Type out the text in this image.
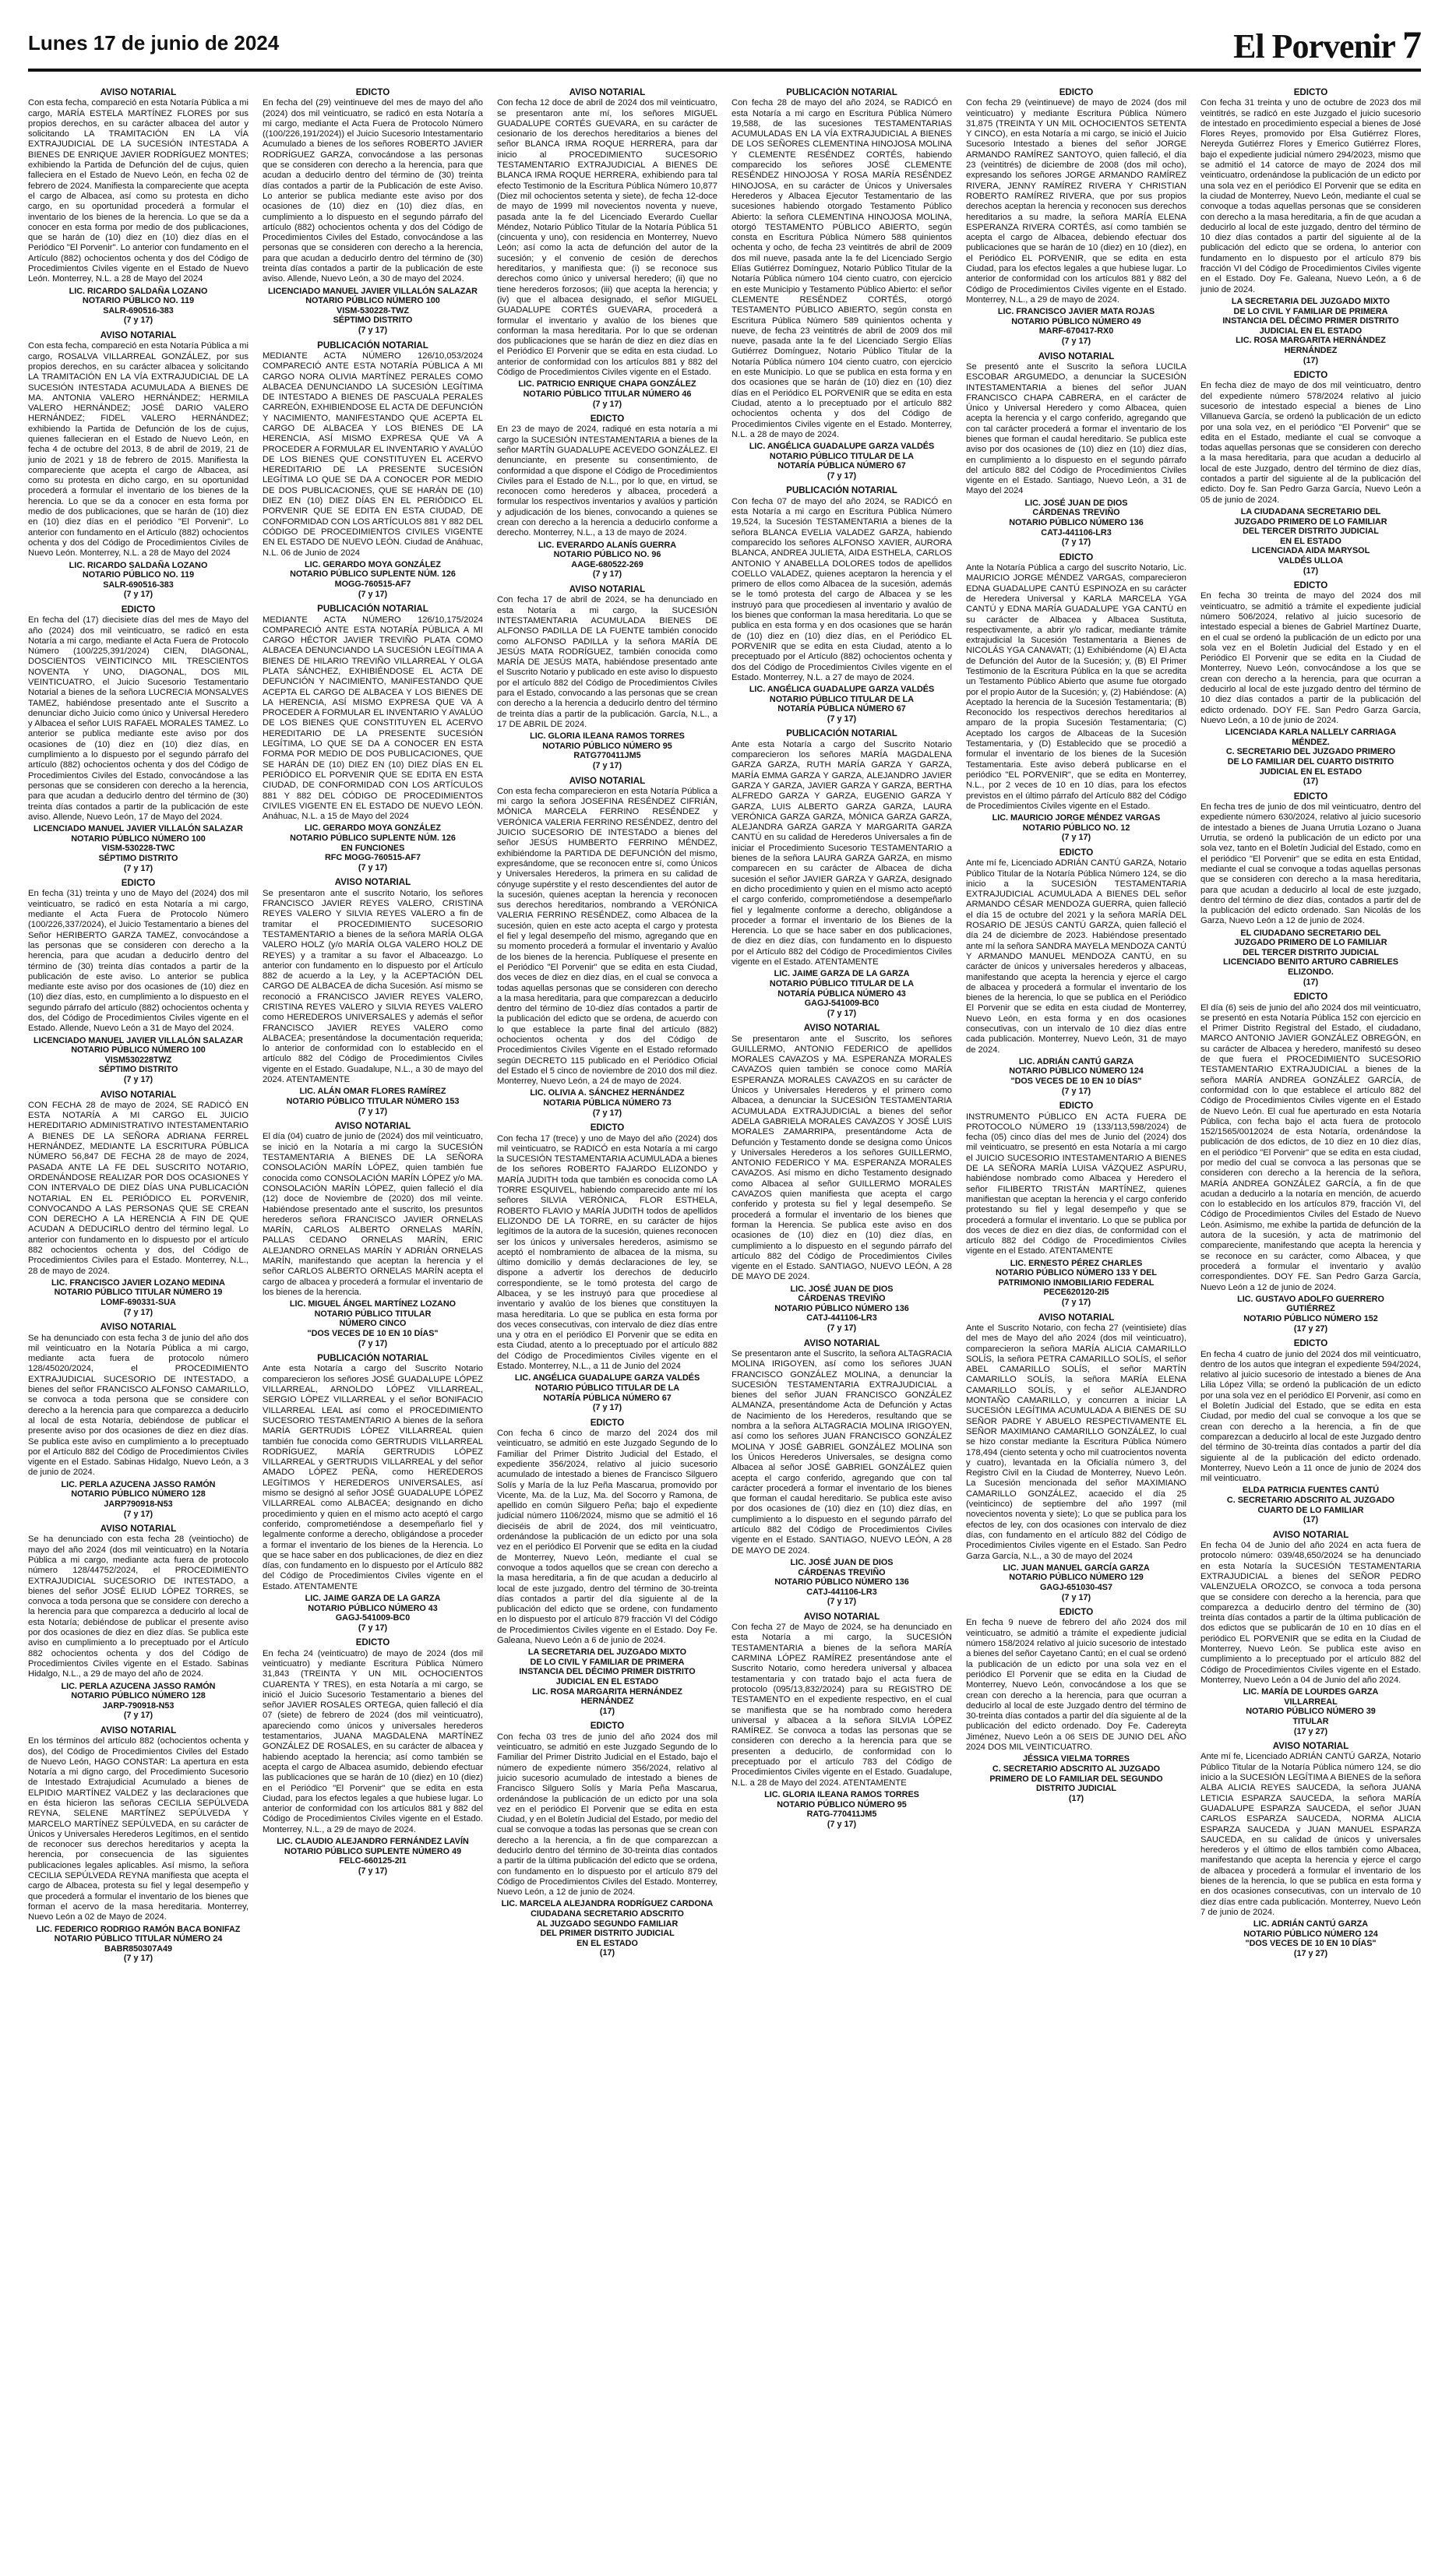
Lunes 17 de junio de 2024	El Porvenir 7
AVISO NOTARIAL

Con esta fecha, compareció en esta Notaría Pública a mi cargo, MARÍA ESTELA MARTÍNEZ FLORES por sus propios derechos, en su carácter albacea del autor y solicitando LA TRAMITACIÓN EN LA VÍA EXTRAJUDICIAL DE LA SUCESIÓN INTESTADA A BIENES DE ENRIQUE JAVIER RODRÍGUEZ MONTES; exhibiendo la Partida de Defunción del de cujus, quien falleciera en el Estado de Nuevo León, en fecha 02 de febrero de 2024. Manifiesta la compareciente que acepta el cargo de Albacea, así como su protesta en dicho cargo, en su oportunidad procederá a formular el inventario de los bienes de la herencia. Lo que se da a conocer en esta forma por medio de dos publicaciones, que se harán de (10) diez en (10) diez días en el Periódico "El Porvenir". Lo anterior con fundamento en el Artículo (882) ochocientos ochenta y dos del Código de Procedimientos Civiles vigente en el Estado de Nuevo León. Monterrey, N.L. a 28 de Mayo del 2024

LIC. RICARDO SALDAÑA LOZANO
NOTARIO PÚBLICO NO. 119
SALR-690516-383
(7 y 17)
AVISO NOTARIAL

Con esta fecha, compareció en esta Notaría Pública a mi cargo, ROSALVA VILLARREAL GONZÁLEZ, por sus propios derechos, en su carácter albacea y solicitando LA TRAMITACIÓN EN LA VÍA EXTRAJUDICIAL DE LA SUCESIÓN INTESTADA ACUMULADA A BIENES DE MA. ANTONIA VALERO HERNÁNDEZ; HERMILA VALERO HERNÁNDEZ; JOSÉ DARIO VALERO HERNÁNDEZ; FIDEL VALERO HERNÁNDEZ; exhibiendo la Partida de Defunción de los de cujus, quienes fallecieran en el Estado de Nuevo León, en fecha 4 de octubre del 2013, 8 de abril de 2019, 21 de junio de 2021 y 18 de febrero de 2015. Manifiesta la compareciente que acepta el cargo de Albacea, así como su protesta en dicho cargo, en su oportunidad procederá a formular el inventario de los bienes de la herencia. Lo que se da a conocer en esta forma por medio de dos publicaciones, que se harán de (10) diez en (10) diez días en el periódico "El Porvenir". Lo anterior con fundamento en el Artículo (882) ochocientos ochenta y dos del Código de Procedimientos Civiles de Nuevo León. Monterrey, N.L. a 28 de Mayo del 2024

LIC. RICARDO SALDAÑA LOZANO
NOTARIO PÚBLICO NO. 119
SALR-690516-383
(7 y 17)
EDICTO

En fecha del (17) diecisiete días del mes de Mayo del año (2024) dos mil veinticuatro, se radicó en esta Notaría a mi cargo, mediante el Acta Fuera de Protocolo Número (100/225,391/2024) CIEN, DIAGONAL, DOSCIENTOS VEINTICINCO MIL TRESCIENTOS NOVENTA Y UNO, DIAGONAL, DOS MIL VEINTICUATRO, el Juicio Sucesorio Testamentario Notarial a bienes de la señora LUCRECIA MONSALVES TAMEZ, habiéndose presentado ante el Suscrito a denunciar dicho Juicio como único y Universal Heredero y Albacea el señor LUIS RAFAEL MORALES TAMEZ. Lo anterior se publica mediante este aviso por dos ocasiones de (10) diez en (10) diez días, en cumplimiento a lo dispuesto por el segundo párrafo del artículo (882) ochocientos ochenta y dos del Código de Procedimientos Civiles del Estado, convocándose a las personas que se consideren con derecho a la herencia, para que acudan a deducirlo dentro del término de (30) treinta días contados a partir de la publicación de este aviso. Allende, Nuevo León, 17 de Mayo del 2024.

LICENCIADO MANUEL JAVIER VILLALÓN SALAZAR
NOTARIO PÚBLICO NÚMERO 100
VISM-530228-TWC
SÉPTIMO DISTRITO
(7 y 17)
EDICTO

En fecha (31) treinta y uno de Mayo del (2024) dos mil veinticuatro, se radicó en esta Notaría a mi cargo, mediante el Acta Fuera de Protocolo Número (100/226,337/2024), el Juicio Testamentario a bienes del Señor HERIBERTO GARZA TAMEZ, convocándose a las personas que se consideren con derecho a la herencia, para que acudan a deducirlo dentro del término de (30) treinta días contados a partir de la publicación de este aviso. Lo anterior se publica mediante este aviso por dos ocasiones de (10) diez en (10) diez días, esto, en cumplimiento a lo dispuesto en el segundo párrafo del artículo (882) ochocientos ochenta y dos, del Código de Procedimientos Civiles vigente en el Estado. Allende, Nuevo León a 31 de Mayo del 2024.

LICENCIADO MANUEL JAVIER VILLALÓN SALAZAR
NOTARIO PÚBLICO NÚMERO 100
VISM530228TWZ
SÉPTIMO DISTRITO
(7 y 17)
AVISO NOTARIAL

CON FECHA 28 de mayo de 2024, SE RADICÓ EN ESTA NOTARÍA A MI CARGO EL JUICIO HEREDITARIO ADMINISTRATIVO INTESTAMENTARIO A BIENES DE LA SEÑORA ADRIANA FERREL HERNÁNDEZ, MEDIANTE LA ESCRITURA PÚBLICA NÚMERO 56,847 DE FECHA 28 de mayo de 2024, PASADA ANTE LA FE DEL SUSCRITO NOTARIO, ORDENÁNDOSE REALIZAR POR DOS OCASIONES Y CON INTERVALO DE DIEZ DÍAS UNA PUBLICACIÓN NOTARIAL EN EL PERIÓDICO EL PORVENIR, CONVOCANDO A LAS PERSONAS QUE SE CREAN CON DERECHO A LA HERENCIA A FIN DE QUE ACUDAN A DEDUCIRLO dentro del término legal. Lo anterior con fundamento en lo dispuesto por el artículo 882 ochocientos ochenta y dos, del Código de Procedimientos Civiles para el Estado. Monterrey, N.L., 28 de mayo de 2024.

LIC. FRANCISCO JAVIER LOZANO MEDINA
NOTARIO PÚBLICO TITULAR NÚMERO 19
LOMF-690331-SUA
(7 y 17)
AVISO NOTARIAL

Se ha denunciado con esta fecha 3 de junio del año dos mil veinticuatro en la Notaría Pública a mi cargo, mediante acta fuera de protocolo número 128/45020/2024, el PROCEDIMIENTO EXTRAJUDICIAL SUCESORIO DE INTESTADO, a bienes del señor FRANCISCO ALFONSO CAMARILLO, se convoca a toda persona que se considere con derecho a la herencia para que comparezca a deducirlo al local de esta Notaría, debiéndose de publicar el presente aviso por dos ocasiones de diez en diez días. Se publica este aviso en cumplimiento a lo preceptuado por el Artículo 882 del Código de Procedimientos Civiles vigente en el Estado. Sabinas Hidalgo, Nuevo León, a 3 de junio de 2024.

LIC. PERLA AZUCENA JASSO RAMÓN
NOTARIO PÚBLICO NÚMERO 128
JARP790918-N53
(7 y 17)
AVISO NOTARIAL

Se ha denunciado con esta fecha 28 (veintiocho) de mayo del año 2024 (dos mil veinticuatro) en la Notaría Pública a mi cargo, mediante acta fuera de protocolo número 128/44752/2024, el PROCEDIMIENTO EXTRAJUDICIAL SUCESORIO DE INTESTADO, a bienes del señor JOSÉ ELIUD LÓPEZ TORRES, se convoca a toda persona que se considere con derecho a la herencia para que comparezca a deducirlo al local de esta Notaría; debiéndose de publicar el presente aviso por dos ocasiones de diez en diez días. Se publica este aviso en cumplimiento a lo preceptuado por el Artículo 882 ochocientos ochenta y dos del Código de Procedimientos Civiles vigente en el Estado. Sabinas Hidalgo, N.L., a 29 de mayo del año de 2024.

LIC. PERLA AZUCENA JASSO RAMÓN
NOTARIO PÚBLICO NÚMERO 128
JARP-790918-N53
(7 y 17)
AVISO NOTARIAL

En los términos del artículo 882 (ochocientos ochenta y dos), del Código de Procedimientos Civiles del Estado de Nuevo León, HAGO CONSTAR: La apertura en esta Notaría a mi digno cargo, del Procedimiento Sucesorio de Intestado Extrajudicial Acumulado a bienes de ELPIDIO MARTÍNEZ VALDEZ y las declaraciones que en ésta hicieron las señoras CECILIA SEPÚLVEDA REYNA, SELENE MARTÍNEZ SEPÚLVEDA Y MARCELO MARTÍNEZ SEPÚLVEDA, en su carácter de Únicos y Universales Herederos Legítimos, en el sentido de reconocer sus derechos hereditarios y acepta la herencia, por consecuencia de las siguientes publicaciones legales aplicables. Así mismo, la señora CECILIA SEPÚLVEDA REYNA manifiesta que acepta el cargo de Albacea, protesta su fiel y legal desempeño y que procederá a formular el inventario de los bienes que forman el acervo de la masa hereditaria. Monterrey, Nuevo León a 02 de Mayo de 2024.

LIC. FEDERICO RODRIGO RAMÓN BACA BONIFAZ
NOTARIO PÚBLICO TITULAR NÚMERO 24
BABR850307A49
(7 y 17)
EDICTO

En fecha del (29) veintinueve del mes de mayo del año (2024) dos mil veinticuatro, se radicó en esta Notaría a mi cargo, mediante el Acta Fuera de Protocolo Número ((100/226,191/2024)) el Juicio Sucesorio Intestamentario Acumulado a bienes de los señores ROBERTO JAVIER RODRÍGUEZ GARZA, convocándose a las personas que se consideren con derecho a la herencia, para que acudan a deducirlo dentro del término de (30) treinta días contados a partir de la Publicación de este Aviso. Lo anterior se publica mediante este aviso por dos ocasiones de (10) diez en (10) diez días, en cumplimiento a lo dispuesto en el segundo párrafo del artículo (882) ochocientos ochenta y dos del Código de Procedimientos Civiles del Estado, convocándose a las personas que se consideren con derecho a la herencia, para que acudan a deducirlo dentro del término de (30) treinta días contados a partir de la publicación de este aviso. Allende, Nuevo León, a 30 de mayo del 2024.

LICENCIADO MANUEL JAVIER VILLALÓN SALAZAR
NOTARIO PÚBLICO NÚMERO 100
VISM-530228-TWZ
SÉPTIMO DISTRITO
(7 y 17)
PUBLICACIÓN NOTARIAL

MEDIANTE ACTA NÚMERO 126/10,053/2024 COMPARECIÓ ANTE ESTA NOTARÍA PÚBLICA A MI CARGO NORA OLIVIA MARTÍNEZ PERALES COMO ALBACEA DENUNCIANDO LA SUCESIÓN LEGÍTIMA DE INTESTADO A BIENES DE PASCUALA PERALES CARREÓN, EXHIBIENDOSE EL ACTA DE DEFUNCIÓN Y NACIMIENTO, MANIFESTANDO QUE ACEPTA EL CARGO DE ALBACEA Y LOS BIENES DE LA HERENCIA, ASÍ MISMO EXPRESA QUE VA A PROCEDER A FORMULAR EL INVENTARIO Y AVALÚO DE LOS BIENES QUE CONSTITUYEN EL ACERVO HEREDITARIO DE LA PRESENTE SUCESIÓN LEGÍTIMA LO QUE SE DA A CONOCER POR MEDIO DE DOS PUBLICACIONES, QUE SE HARÁN DE (10) DIEZ EN (10) DIEZ DÍAS EN EL PERIÓDICO EL PORVENIR QUE SE EDITA EN ESTA CIUDAD, DE CONFORMIDAD CON LOS ARTÍCULOS 881 Y 882 DEL CÓDIGO DE PROCEDIMIENTOS CIVILES VIGENTE EN EL ESTADO DE NUEVO LEÓN. Ciudad de Anáhuac, N.L. 06 de Junio de 2024

LIC. GERARDO MOYA GONZÁLEZ
NOTARIO PÚBLICO SUPLENTE NÚM. 126
MOGG-760515-AF7
(7 y 17)
PUBLICACIÓN NOTARIAL

MEDIANTE ACTA NÚMERO 126/10,175/2024 COMPARECIÓ ANTE ESTA NOTARÍA PÚBLICA A MI CARGO HÉCTOR JAVIER TREVIÑO PLATA COMO ALBACEA DENUNCIANDO LA SUCESIÓN LEGÍTIMA A BIENES DE HILARIO TREVIÑO VILLARREAL Y OLGA PLATA SÁNCHEZ, EXHIBIÉNDOSE EL ACTA DE DEFUNCIÓN Y NACIMIENTO, MANIFESTANDO QUE ACEPTA EL CARGO DE ALBACEA Y LOS BIENES DE LA HERENCIA, ASÍ MISMO EXPRESA QUE VA A PROCEDER A FORMULAR EL INVENTARIO Y AVALÚO DE LOS BIENES QUE CONSTITUYEN EL ACERVO HEREDITARIO DE LA PRESENTE SUCESIÓN LEGÍTIMA, LO QUE SE DA A CONOCER EN ESTA FORMA POR MEDIO DE DOS PUBLICACIONES, QUE SE HARÁN DE (10) DIEZ EN (10) DIEZ DÍAS EN EL PERIÓDICO EL PORVENIR QUE SE EDITA EN ESTA CIUDAD, DE CONFORMIDAD CON LOS ARTÍCULOS 881 Y 882 DEL CÓDIGO DE PROCEDIMIENTOS CIVILES VIGENTE EN EL ESTADO DE NUEVO LEÓN. Anáhuac, N.L. a 15 de Mayo del 2024

LIC. GERARDO MOYA GONZÁLEZ
NOTARIO PÚBLICO SUPLENTE NÚM. 126
EN FUNCIONES
RFC MOGG-760515-AF7
(7 y 17)
AVISO NOTARIAL

Se presentaron ante el suscrito Notario, los señores FRANCISCO JAVIER REYES VALERO, CRISTINA REYES VALERO Y SILVIA REYES VALERO a fin de tramitar el PROCEDIMIENTO SUCESORIO TESTAMENTARIO a bienes de la señora MARÍA OLGA VALERO HOLZ (y/o MARÍA OLGA VALERO HOLZ DE REYES) y a tramitar a su favor el Albaceazgo. Lo anterior con fundamento en lo dispuesto por el Artículo 882 de acuerdo a la Ley, y la ACEPTACIÓN DEL CARGO DE ALBACEA de dicha Sucesión. Así mismo se reconoció a FRANCISCO JAVIER REYES VALERO, CRISTINA REYES VALERO y SILVIA REYES VALERO como HEREDEROS UNIVERSALES y además el señor FRANCISCO JAVIER REYES VALERO como ALBACEA; presentándose la documentación requerida; lo anterior de conformidad con lo establecido en el artículo 882 del Código de Procedimientos Civiles vigente en el Estado. Guadalupe, N.L., a 30 de mayo del 2024. ATENTAMENTE

LIC. ALÁN OMAR FLORES RAMÍREZ
NOTARIO PÚBLICO TITULAR NÚMERO 153
(7 y 17)
AVISO NOTARIAL

El día (04) cuatro de junio de (2024) dos mil veinticuatro, se inició en la Notaría a mi cargo la SUCESIÓN TESTAMENTARIA A BIENES DE LA SEÑORA CONSOLACIÓN MARÍN LÓPEZ, quien también fue conocida como CONSOLACIÓN MARÍN LÓPEZ y/o MA. CONSOLACIÓN MARÍN LÓPEZ, quien falleció el día (12) doce de Noviembre de (2020) dos mil veinte. Habiéndose presentado ante el suscrito, los presuntos herederos señora FRANCISCO JAVIER ORNELAS MARÍN, CARLOS ALBERTO ORNELAS MARÍN, PALLAS CEDANO ORNELAS MARÍN, ERIC ALEJANDRO ORNELAS MARÍN Y ADRIÁN ORNELAS MARÍN, manifestando que aceptan la herencia y el señor CARLOS ALBERTO ORNELAS MARÍN acepta el cargo de albacea y procederá a formular el inventario de los bienes de la herencia.

LIC. MIGUEL ÁNGEL MARTÍNEZ LOZANO
NOTARIO PÚBLICO TITULAR
NÚMERO CINCO
"DOS VECES DE 10 EN 10 DÍAS"
(7 y 17)
PUBLICACIÓN NOTARIAL

Ante esta Notaría a cargo del Suscrito Notario comparecieron los señores JOSÉ GUADALUPE LÓPEZ VILLARREAL, ARNOLDO LÓPEZ VILLARREAL, SERGIO LÓPEZ VILLARREAL y el señor BONIFACIO VILLARREAL LEAL así como el PROCEDIMIENTO SUCESORIO TESTAMENTARIO A bienes de la señora MARÍA GERTRUDIS LÓPEZ VILLARREAL quien también fue conocida como GERTRUDIS VILLARREAL RODRÍGUEZ, MARÍA GERTRUDIS LÓPEZ VILLARREAL y GERTRUDIS VILLARREAL y del señor AMADO LÓPEZ PEÑA, como HEREDEROS LEGÍTIMOS Y HEREDEROS UNIVERSALES, así mismo se designó al señor JOSÉ GUADALUPE LÓPEZ VILLARREAL como ALBACEA; designando en dicho procedimiento y quien en el mismo acto aceptó el cargo conferido, comprometiéndose a desempeñarlo fiel y legalmente conforme a derecho, obligándose a proceder a formar el inventario de los bienes de la Herencia. Lo que se hace saber en dos publicaciones, de diez en diez días, con fundamento en lo dispuesto por el Artículo 882 del Código de Procedimientos Civiles vigente en el Estado. ATENTAMENTE

LIC. JAIME GARZA DE LA GARZA
NOTARIO PÚBLICO NÚMERO 43
GAGJ-541009-BC0
(7 y 17)
EDICTO

En fecha 24 (veinticuatro) de mayo de 2024 (dos mil veinticuatro) y mediante Escritura Pública Número 31,843 (TREINTA Y UN MIL OCHOCIENTOS CUARENTA Y TRES), en esta Notaría a mi cargo, se inició el Juicio Sucesorio Testamentario a bienes del señor JAVIER ROSALES ORTEGA, quien falleció el día 07 (siete) de febrero de 2024 (dos mil veinticuatro), apareciendo como únicos y universales herederos testamentarios, JUANA MAGDALENA MARTÍNEZ GONZÁLEZ DE ROSALES, en su carácter de albacea y habiendo aceptado la herencia; así como también se acepta el cargo de Albacea asumido, debiendo efectuar las publicaciones que se harán de 10 (diez) en 10 (diez) en el Periódico "El Porvenir" que se edita en esta Ciudad, para los efectos legales a que hubiese lugar. Lo anterior de conformidad con los artículos 881 y 882 del Código de Procedimientos Civiles vigente en el Estado. Monterrey, N.L., a 29 de mayo de 2024.

LIC. CLAUDIO ALEJANDRO FERNÁNDEZ LAVÍN
NOTARIO PÚBLICO SUPLENTE NÚMERO 49
FELC-660125-2I1
(7 y 17)
AVISO NOTARIAL

Con fecha 12 doce de abril de 2024 dos mil veinticuatro, se presentaron ante mí, los señores MIGUEL GUADALUPE CORTÉS GUEVARA, en su carácter de cesionario de los derechos hereditarios a bienes del señor BLANCA IRMA ROQUE HERRERA, para dar inicio al PROCEDIMIENTO SUCESORIO TESTAMENTARIO EXTRAJUDICIAL A BIENES DE BLANCA IRMA ROQUE HERRERA, exhibiendo para tal efecto Testimonio de la Escritura Pública Número 10,877 (Diez mil ochocientos setenta y siete), de fecha 12-doce de mayo de 1999 mil novecientos noventa y nueve, pasada ante la fe del Licenciado Everardo Cuellar Méndez, Notario Público Titular de la Notaría Pública 51 (cincuenta y uno), con residencia en Monterrey, Nuevo León; así como la acta de defunción del autor de la sucesión; y el convenio de cesión de derechos hereditarios, y manifiesta que: (i) se reconoce sus derechos como único y universal heredero; (ii) que no tiene herederos forzosos; (iii) que acepta la herencia; y (iv) que el albacea designado, el señor MIGUEL GUADALUPE CORTÉS GUEVARA, procederá a formular el inventario y avalúo de los bienes que conforman la masa hereditaria. Por lo que se ordenan dos publicaciones que se harán de diez en diez días en el Periódico El Porvenir que se edita en esta ciudad. Lo anterior de conformidad con los artículos 881 y 882 del Código de Procedimientos Civiles vigente en el Estado.

LIC. PATRICIO ENRIQUE CHAPA GONZÁLEZ
NOTARIO PÚBLICO TITULAR NÚMERO 46
(7 y 17)
EDICTO

En 23 de mayo de 2024, radiqué en esta notaría a mi cargo la SUCESIÓN INTESTAMENTARIA a bienes de la señor MARTÍN GUADALUPE ACEVEDO GONZÁLEZ. El denunciante, en presente su consentimiento, de conformidad a que dispone el Código de Procedimientos Civiles para el Estado de N.L., por lo que, en virtud, se reconocen como herederos y albacea, procederá a formular los respectivos inventarios y avalúos y partición y adjudicación de los bienes, convocando a quienes se crean con derecho a la herencia a deducirlo conforme a derecho. Monterrey, N.L., a 13 de mayo de 2024.

LIC. EVERARDO ALANÍS GUERRA
NOTARIO PÚBLICO NO. 96
AAGE-680522-269
(7 y 17)
AVISO NOTARIAL

Con fecha 17 de abril de 2024, se ha denunciado en esta Notaría a mi cargo, la SUCESIÓN INTESTAMENTARIA ACUMULADA BIENES DE ALFONSO PADILLA DE LA FUENTE también conocido como ALFONSO PADILLA y la señora MARÍA DE JESÚS MATA RODRÍGUEZ, también conocida como MARÍA DE JESÚS MATA, habiéndose presentado ante el Suscrito Notario y publicado en este aviso lo dispuesto por el artículo 882 del Código de Procedimientos Civiles para el Estado, convocando a las personas que se crean con derecho a la herencia a deducirlo dentro del término de treinta días a partir de la publicación. García, N.L., a 17 DE ABRIL DE 2024.

LIC. GLORIA ILEANA RAMOS TORRES
NOTARIO PÚBLICO NÚMERO 95
RATG770411JM5
(7 y 17)
AVISO NOTARIAL

Con esta fecha comparecieron en esta Notaría Pública a mi cargo la señora JOSEFINA RESÉNDEZ CIFRIÁN, MÓNICA MARCELA FERRINO RESÉNDEZ y VERÓNICA VALERIA FERRINO RESÉNDEZ, dentro del JUICIO SUCESORIO DE INTESTADO a bienes del señor JESÚS HUMBERTO FERRINO MÉNDEZ, exhibiéndome la PARTIDA DE DEFUNCIÓN del mismo, expresándome, que se reconocen entre sí, como Únicos y Universales Herederos, la primera en su calidad de cónyuge supérstite y el resto descendientes del autor de la sucesión, quienes aceptan la herencia y reconocen sus derechos hereditarios, nombrando a VERÓNICA VALERIA FERRINO RESÉNDEZ, como Albacea de la sucesión, quien en este acto acepta el cargo y protesta el fiel y legal desempeño del mismo, agregando que en su momento procederá a formular el inventario y Avalúo de los bienes de la herencia. Publíquese el presente en el Periódico "El Porvenir" que se edita en esta Ciudad, dos veces de diez en diez días, en el cual se convoca a todas aquellas personas que se consideren con derecho a la masa hereditaria, para que comparezcan a deducirlo dentro del término de 10-diez días contados a partir de la publicación del edicto que se ordena, de acuerdo con lo que establece la parte final del artículo (882) ochocientos ochenta y dos del Código de Procedimientos Civiles Vigente en el Estado reformado según DECRETO 115 publicado en el Periódico Oficial del Estado el 5 cinco de noviembre de 2010 dos mil diez. Monterrey, Nuevo León, a 24 de mayo de 2024.

LIC. OLIVIA A. SÁNCHEZ HERNÁNDEZ
NOTARIA PÚBLICA NÚMERO 73
(7 y 17)
EDICTO

Con fecha 17 (trece) y uno de Mayo del año (2024) dos mil veinticuatro, se RADICÓ en esta Notaría a mi cargo la SUCESIÓN TESTAMENTARIA ACUMULADA a bienes de los señores ROBERTO FAJARDO ELIZONDO y MARÍA JUDITH toda que también es conocida como LA TORRE ESQUIVEL, habiendo comparecido ante mí los señores SILVIA VERÓNICA, FLOR ESTHELA, ROBERTO FLAVIO y MARÍA JUDITH todos de apellidos ELIZONDO DE LA TORRE, en su carácter de hijos legítimos de la autora de la sucesión, quienes reconocen ser los únicos y universales herederos, asimismo se aceptó el nombramiento de albacea de la misma, su último domicilio y demás declaraciones de ley, se dispone a advertir los derechos de deducirlo correspondiente, se le tomó protesta del cargo de Albacea, y se les instruyó para que procediese al inventario y avalúo de los bienes que constituyen la masa hereditaria. Lo que se publica en esta forma por dos veces consecutivas, con intervalo de diez días entre una y otra en el periódico El Porvenir que se edita en esta Ciudad, atento a lo preceptuado por el artículo 882 del Código de Procedimientos Civiles vigente en el Estado. Monterrey, N.L., a 11 de Junio del 2024

LIC. ANGÉLICA GUADALUPE GARZA VALDÉS
NOTARIO PÚBLICO TITULAR DE LA
NOTARÍA PÚBLICA NÚMERO 67
(7 y 17)
EDICTO

Con fecha 6 cinco de marzo del 2024 dos mil veinticuatro, se admitió en este Juzgado Segundo de lo Familiar del Primer Distrito Judicial del Estado, el expediente 356/2024, relativo al juicio sucesorio acumulado de intestado a bienes de Francisco Silguero Solís y María de la luz Peña Mascarua, promovido por Vicente, Ma. de la Luz, Ma. del Socorro y Ramona, de apellido en común Silguero Peña; bajo el expediente judicial número 1106/2024, mismo que se admitió el 16 dieciséis de abril de 2024, dos mil veinticuatro, ordenándose la publicación de un edicto por una sola vez en el periódico El Porvenir que se edita en la ciudad de Monterrey, Nuevo León, mediante el cual se convoque a todos aquellos que se crean con derecho a la masa hereditaria, a fin de que acudan a deducirlo al local de este juzgado, dentro del término de 30-treinta días contados a partir del día siguiente al de la publicación del edicto que se ordene, con fundamento en lo dispuesto por el artículo 879 fracción VI del Código de Procedimientos Civiles vigente en el Estado. Doy Fe. Galeana, Nuevo León a 6 de junio de 2024.

LA SECRETARIA DEL JUZGADO MIXTO
DE LO CIVIL Y FAMILIAR DE PRIMERA
INSTANCIA DEL DÉCIMO PRIMER DISTRITO
JUDICIAL EN EL ESTADO
LIC. ROSA MARGARITA HERNÁNDEZ
HERNÁNDEZ
(17)
EDICTO

Con fecha 03 tres de junio del año 2024 dos mil veinticuatro, se admitió en este Juzgado Segundo de lo Familiar del Primer Distrito Judicial en el Estado, bajo el número de expediente número 356/2024, relativo al juicio sucesorio acumulado de intestado a bienes de Francisco Silguero Solís y María Peña Mascarua, ordenándose la publicación de un edicto por una sola vez en el periódico El Porvenir que se edita en esta Ciudad, y en el Boletín Judicial del Estado, por medio del cual se convoque a todas las personas que se crean con derecho a la herencia, a fin de que comparezcan a deducirlo dentro del término de 30-treinta días contados a partir de la última publicación del edicto que se ordena, con fundamento en lo dispuesto por el artículo 879 del Código de Procedimientos Civiles del Estado. Monterrey, Nuevo León, a 12 de junio de 2024.

LIC. MARCELA ALEJANDRA RODRÍGUEZ CARDONA
CIUDADANA SECRETARIO ADSCRITO
AL JUZGADO SEGUNDO FAMILIAR
DEL PRIMER DISTRITO JUDICIAL
EN EL ESTADO
(17)
PUBLICACIÓN NOTARIAL

Con fecha 28 de mayo del año 2024, se RADICÓ en esta Notaría a mi cargo en Escritura Pública Número 19,588, de las sucesiones TESTAMENTARIAS ACUMULADAS EN LA VÍA EXTRAJUDICIAL A BIENES DE LOS SEÑORES CLEMENTINA HINOJOSA MOLINA Y CLEMENTE RESÉNDEZ CORTÉS, habiendo comparecido los señores JOSÉ CLEMENTE RESÉNDEZ HINOJOSA Y ROSA MARÍA RESÉNDEZ HINOJOSA, en su carácter de Únicos y Universales Herederos y Albacea Ejecutor Testamentario de las sucesiones habiendo otorgado Testamento Público Abierto: la señora CLEMENTINA HINOJOSA MOLINA, otorgó TESTAMENTO PÚBLICO ABIERTO, según consta en Escritura Pública Número 588 quinientos ochenta y ocho, de fecha 23 veintitrés de abril de 2009 dos mil nueve, pasada ante la fe del Licenciado Sergio Elías Gutiérrez Domínguez, Notario Público Titular de la Notaría Pública número 104 ciento cuatro, con ejercicio en este Municipio y Testamento Público Abierto: el señor CLEMENTE RESÉNDEZ CORTÉS, otorgó TESTAMENTO PÚBLICO ABIERTO, según consta en Escritura Pública Número 589 quinientos ochenta y nueve, de fecha 23 veintitrés de abril de 2009 dos mil nueve, pasada ante la fe del Licenciado Sergio Elías Gutiérrez Domínguez, Notario Público Titular de la Notaría Pública número 104 ciento cuatro, con ejercicio en este Municipio. Lo que se publica en esta forma y en dos ocasiones que se harán de (10) diez en (10) diez días en el Periódico EL PORVENIR que se edita en esta Ciudad, atento a lo preceptuado por el artículo 882 ochocientos ochenta y dos del Código de Procedimientos Civiles vigente en el Estado. Monterrey, N.L. a 28 de mayo de 2024.

LIC. ANGÉLICA GUADALUPE GARZA VALDÉS
NOTARIO PÚBLICO TITULAR DE LA
NOTARÍA PÚBLICA NÚMERO 67
(7 y 17)
PUBLICACIÓN NOTARIAL

Con fecha 07 de mayo del año 2024, se RADICÓ en esta Notaría a mi cargo en Escritura Pública Número 19,524, la Sucesión TESTAMENTARIA a bienes de la señora BLANCA EVELIA VALADEZ GARZA, habiendo comparecido los señores ALFONSO XAVIER, AURORA BLANCA, ANDREA JULIETA, AIDA ESTHELA, CARLOS ANTONIO Y ANABELLA DOLORES todos de apellidos COELLO VALADEZ, quienes aceptaron la herencia y el primero de ellos como Albacea de la sucesión, además se le tomó protesta del cargo de Albacea y se les instruyó para que procediesen al inventario y avalúo de los bienes que conforman la masa hereditaria. Lo que se publica en esta forma y en dos ocasiones que se harán de (10) diez en (10) diez días, en el Periódico EL PORVENIR que se edita en esta Ciudad, atento a lo preceptuado por el Artículo (882) ochocientos ochenta y dos del Código de Procedimientos Civiles vigente en el Estado. Monterrey, N.L. a 27 de mayo de 2024.

LIC. ANGÉLICA GUADALUPE GARZA VALDÉS
NOTARIO PÚBLICO TITULAR DE LA
NOTARÍA PÚBLICA NÚMERO 67
(7 y 17)
PUBLICACIÓN NOTARIAL

Ante esta Notaría a cargo del Suscrito Notario comparecieron los señores MARÍA MAGDALENA GARZA GARZA, RUTH MARÍA GARZA Y GARZA, MARÍA EMMA GARZA Y GARZA, ALEJANDRO JAVIER GARZA Y GARZA, JAVIER GARZA Y GARZA, BERTHA ALFREDO GARZA Y GARZA, EUGENIO GARZA Y GARZA, LUIS ALBERTO GARZA GARZA, LAURA VERÓNICA GARZA GARZA, MÓNICA GARZA GARZA, ALEJANDRA GARZA GARZA Y MARGARITA GARZA CANTÚ en su calidad de Herederos Universales a fin de iniciar el Procedimiento Sucesorio TESTAMENTARIO a bienes de la señora LAURA GARZA GARZA, en mismo comparecen en su carácter de Albacea de dicha sucesión el señor JAVIER GARZA Y GARZA, designado en dicho procedimiento y quien en el mismo acto aceptó el cargo conferido, comprometiéndose a desempeñarlo fiel y legalmente conforme a derecho, obligándose a proceder a formar el inventario de los Bienes de la Herencia. Lo que se hace saber en dos publicaciones, de diez en diez días, con fundamento en lo dispuesto por el Artículo 882 del Código de Procedimientos Civiles vigente en el Estado. ATENTAMENTE

LIC. JAIME GARZA DE LA GARZA
NOTARIO PÚBLICO TITULAR DE LA
NOTARÍA PÚBLICA NÚMERO 43
GAGJ-541009-BC0
(7 y 17)
AVISO NOTARIAL

Se presentaron ante el Suscrito, los señores GUILLERMO, ANTONIO FEDERICO de apellidos MORALES CAVAZOS y MA. ESPERANZA MORALES CAVAZOS quien también se conoce como MARÍA ESPERANZA MORALES CAVAZOS en su carácter de Únicos y Universales Herederos y el primero como Albacea, a denunciar la SUCESIÓN TESTAMENTARIA ACUMULADA EXTRAJUDICIAL a bienes del señor ADELA GABRIELA MORALES CAVAZOS Y JOSÉ LUIS MORALES ZAMARRIPA, presentándome Acta de Defunción y Testamento donde se designa como Únicos y Universales Herederos a los señores GUILLERMO, ANTONIO FEDERICO Y MA. ESPERANZA MORALES CAVAZOS. Así mismo en dicho Testamento designado como Albacea al señor GUILLERMO MORALES CAVAZOS quien manifiesta que acepta el cargo conferido y protesta su fiel y legal desempeño. Se procederá a formular el inventario de los bienes que forman la Herencia. Se publica este aviso en dos ocasiones de (10) diez en (10) diez días, en cumplimiento a lo dispuesto en el segundo párrafo del artículo 882 del Código de Procedimientos Civiles vigente en el Estado. SANTIAGO, NUEVO LEÓN, A 28 DE MAYO DE 2024.

LIC. JOSÉ JUAN DE DIOS
CÁRDENAS TREVIÑO
NOTARIO PÚBLICO NÚMERO 136
CATJ-441106-LR3
(7 y 17)
AVISO NOTARIAL

Se presentaron ante el Suscrito, la señora ALTAGRACIA MOLINA IRIGOYEN, así como los señores JUAN FRANCISCO GONZÁLEZ MOLINA, a denunciar la SUCESIÓN TESTAMENTARIA EXTRAJUDICIAL a bienes del señor JUAN FRANCISCO GONZÁLEZ ALMANZA, presentándome Acta de Defunción y Actas de Nacimiento de los Herederos, resultando que se nombra a la señora ALTAGRACIA MOLINA IRIGOYEN, así como los señores JUAN FRANCISCO GONZÁLEZ MOLINA Y JOSÉ GABRIEL GONZÁLEZ MOLINA son los Únicos Herederos Universales, se designa como Albacea al señor JOSÉ GABRIEL GONZÁLEZ quien acepta el cargo conferido, agregando que con tal carácter procederá a formar el inventario de los bienes que forman el caudal hereditario. Se publica este aviso por dos ocasiones de (10) diez en (10) diez días, en cumplimiento a lo dispuesto en el segundo párrafo del artículo 882 del Código de Procedimientos Civiles vigente en el Estado. SANTIAGO, NUEVO LEÓN, A 28 DE MAYO DE 2024.

LIC. JOSÉ JUAN DE DIOS
CÁRDENAS TREVIÑO
NOTARIO PÚBLICO NÚMERO 136
CATJ-441106-LR3
(7 y 17)
AVISO NOTARIAL

Con fecha 27 de Mayo de 2024, se ha denunciado en esta Notaría a mi cargo, la SUCESIÓN TESTAMENTARIA a bienes de la señora MARÍA CARMINA LÓPEZ RAMÍREZ presentándose ante el Suscrito Notario, como heredera universal y albacea testamentaria y con tratado bajo el acta fuera de protocolo (095/13,832/2024) para su REGISTRO DE TESTAMENTO en el expediente respectivo, en el cual se manifiesta que se ha nombrado como heredera universal y albacea a la señora SILVIA LÓPEZ RAMÍREZ. Se convoca a todas las personas que se consideren con derecho a la herencia para que se presenten a deducirlo, de conformidad con lo preceptuado por el artículo 783 del Código de Procedimientos Civiles vigente en el Estado. Guadalupe, N.L. a 28 de Mayo del 2024. ATENTAMENTE

LIC. GLORIA ILEANA RAMOS TORRES
NOTARIO PÚBLICO NÚMERO 95
RATG-770411JM5
(7 y 17)
EDICTO

Con fecha 29 (veintinueve) de mayo de 2024 (dos mil veinticuatro) y mediante Escritura Pública Número 31,875 (TREINTA Y UN MIL OCHOCIENTOS SETENTA Y CINCO), en esta Notaría a mi cargo, se inició el Juicio Sucesorio Intestado a bienes del señor JORGE ARMANDO RAMÍREZ SANTOYO, quien falleció, el día 23 (veintitrés) de diciembre de 2008 (dos mil ocho), expresando los señores JORGE ARMANDO RAMÍREZ RIVERA, JENNY RAMÍREZ RIVERA Y CHRISTIAN ROBERTO RAMÍREZ RIVERA, que por sus propios derechos aceptan la herencia y reconocen sus derechos hereditarios a su madre, la señora MARÍA ELENA ESPERANZA RIVERA CORTÉS, así como también se acepta el cargo de Albacea, debiendo efectuar dos publicaciones que se harán de 10 (diez) en 10 (diez), en el Periódico EL PORVENIR, que se edita en esta Ciudad, para los efectos legales a que hubiese lugar. Lo anterior de conformidad con los artículos 881 y 882 del Código de Procedimientos Civiles vigente en el Estado. Monterrey, N.L., a 29 de mayo de 2024.

LIC. FRANCISCO JAVIER MATA ROJAS
NOTARIO PÚBLICO NÚMERO 49
MARF-670417-RX0
(7 y 17)
AVISO NOTARIAL

Se presentó ante el Suscrito la señora LUCILA ESCOBAR ARGUMEDO, a denunciar la SUCESIÓN INTESTAMENTARIA a bienes del señor JUAN FRANCISCO CHAPA CABRERA, en el carácter de Único y Universal Heredero y como Albacea, quien acepta la herencia y el cargo conferido, agregando que con tal carácter procederá a formar el inventario de los bienes que forman el caudal hereditario. Se publica este aviso por dos ocasiones de (10) diez en (10) diez días, en cumplimiento a lo dispuesto en el segundo párrafo del artículo 882 del Código de Procedimientos Civiles vigente en el Estado. Santiago, Nuevo León, a 31 de Mayo del 2024

LIC. JOSÉ JUAN DE DIOS
CÁRDENAS TREVIÑO
NOTARIO PÚBLICO NÚMERO 136
CATJ-441106-LR3
(7 y 17)
EDICTO

Ante la Notaría Pública a cargo del suscrito Notario, Lic. MAURICIO JORGE MÉNDEZ VARGAS, comparecieron EDNA GUADALUPE CANTÚ ESPINOZA en su carácter de Heredera Universal y KARLA MARCELA YGA CANTÚ y EDNA MARÍA GUADALUPE YGA CANTÚ en su carácter de Albacea y Albacea Sustituta, respectivamente, a abrir y/o radicar, mediante trámite extrajudicial la Sucesión Testamentaria a Bienes de NICOLÁS YGA CANAVATI; (1) Exhibiéndome (A) El Acta de Defunción del Autor de la Sucesión; y, (B) El Primer Testimonio de la Escritura Pública en la que se acredita un Testamento Público Abierto que asume fue otorgado por el propio Autor de la Sucesión; y, (2) Habiéndose: (A) Aceptado la herencia de la Sucesión Testamentaria; (B) Reconocido los respectivos derechos hereditarios al amparo de la propia Sucesión Testamentaria; (C) Aceptado los cargos de Albaceas de la Sucesión Testamentaria, y (D) Establecido que se procedió a formular el inventario de los bienes de la Sucesión Testamentaria. Este aviso deberá publicarse en el periódico "EL PORVENIR", que se edita en Monterrey, N.L., por 2 veces de 10 en 10 días, para los efectos previstos en el último párrafo del Artículo 882 del Código de Procedimientos Civiles vigente en el Estado.

LIC. MAURICIO JORGE MÉNDEZ VARGAS
NOTARIO PÚBLICO NO. 12
(7 y 17)
EDICTO

Ante mí fe, Licenciado ADRIÁN CANTÚ GARZA, Notario Público Titular de la Notaría Pública Número 124, se dio inicio a la SUCESIÓN TESTAMENTARIA EXTRAJUDICIAL ACUMULADA A BIENES DEL señor ARMANDO CÉSAR MENDOZA GUERRA, quien falleció el día 15 de octubre del 2021 y la señora MARÍA DEL ROSARIO DE JESÚS CANTÚ GARZA, quien falleció el día 24 de diciembre de 2023. Habiéndose presentado ante mí la señora SANDRA MAYELA MENDOZA CANTÚ Y ARMANDO MANUEL MENDOZA CANTÚ, en su carácter de únicos y universales herederos y albaceas, manifestando que acepta la herencia y ejerce el cargo de albacea y procederá a formular el inventario de los bienes de la herencia, lo que se publica en el Periódico El Porvenir que se edita en esta ciudad de Monterrey, Nuevo León, en esta forma y en dos ocasiones consecutivas, con un intervalo de 10 diez días entre cada publicación. Monterrey, Nuevo León, 31 de mayo de 2024.

LIC. ADRIÁN CANTÚ GARZA
NOTARIO PÚBLICO NÚMERO 124
"DOS VECES DE 10 EN 10 DÍAS"
(7 y 17)
EDICTO

INSTRUMENTO PÚBLICO EN ACTA FUERA DE PROTOCOLO NÚMERO 19 (133/113,598/2024) de fecha (05) cinco días del mes de Junio del (2024) dos mil veinticuatro, se presentó en esta Notaría a mi cargo el JUICIO SUCESORIO INTESTAMENTARIO A BIENES DE LA SEÑORA MARÍA LUISA VÁZQUEZ ASPURU, habiéndose nombrado como Albacea y Heredero el señor FILIBERTO TRISTÁN MARTÍNEZ, quienes manifiestan que aceptan la herencia y el cargo conferido protestando su fiel y legal desempeño y que se procederá a formular el inventario. Lo que se publica por dos veces de diez en diez días, de conformidad con el artículo 882 del Código de Procedimientos Civiles vigente en el Estado. ATENTAMENTE

LIC. ERNESTO PÉREZ CHARLES
NOTARIO PÚBLICO NÚMERO 133 Y DEL
PATRIMONIO INMOBILIARIO FEDERAL
PECE620120-2I5
(7 y 17)
AVISO NOTARIAL

Ante el Suscrito Notario, con fecha 27 (veintisiete) días del mes de Mayo del año 2024 (dos mil veinticuatro), comparecieron la señora MARÍA ALICIA CAMARILLO SOLÍS, la señora PETRA CAMARILLO SOLÍS, el señor ABEL CAMARILLO SOLÍS, el señor MARTÍN CAMARILLO SOLÍS, la señora MARÍA ELENA CAMARILLO SOLÍS, y el señor ALEJANDRO MONTAÑO CAMARILLO, y concurren a iniciar LA SUCESIÓN LEGÍTIMA ACUMULADA A BIENES DE SU SEÑOR PADRE Y ABUELO RESPECTIVAMENTE EL SEÑOR MAXIMIANO CAMARILLO GONZÁLEZ, lo cual se hizo constar mediante la Escritura Pública Número 178,494 (ciento setenta y ocho mil cuatrocientos noventa y cuatro), levantada en la Oficialía número 3, del Registro Civil en la Ciudad de Monterrey, Nuevo León. La Sucesión mencionada del señor MAXIMIANO CAMARILLO GONZÁLEZ, acaecido el día 25 (veinticinco) de septiembre del año 1997 (mil novecientos noventa y siete); Lo que se publica para los efectos de ley, con dos ocasiones con intervalo de diez días, con fundamento en el artículo 882 del Código de Procedimientos Civiles vigente en el Estado. San Pedro Garza García, N.L., a 30 de mayo del 2024

LIC. JUAN MANUEL GARCÍA GARZA
NOTARIO PÚBLICO NÚMERO 129
GAGJ-651030-4S7
(7 y 17)
EDICTO

En fecha 9 nueve de febrero del año 2024 dos mil veinticuatro, se admitió a trámite el expediente judicial número 158/2024 relativo al juicio sucesorio de intestado a bienes del señor Cayetano Cantú; en el cual se ordenó la publicación de un edicto por una sola vez en el periódico El Porvenir que se edita en la Ciudad de Monterrey, Nuevo León, convocándose a los que se crean con derecho a la herencia, para que ocurran a deducirlo al local de este Juzgado dentro del término de 30-treinta días contados a partir del día siguiente al de la publicación del edicto ordenado. Doy Fe. Cadereyta Jiménez, Nuevo León a 06 SEIS DE JUNIO DEL AÑO 2024 DOS MIL VEINTICUATRO.

JÉSSICA VIELMA TORRES
C. SECRETARIO ADSCRITO AL JUZGADO
PRIMERO DE LO FAMILIAR DEL SEGUNDO
DISTRITO JUDICIAL
(17)
EDICTO

Con fecha 31 treinta y uno de octubre de 2023 dos mil veintitrés, se radicó en este Juzgado el juicio sucesorio de intestado en procedimiento especial a bienes de José Flores Reyes, promovido por Elsa Gutiérrez Flores, Nereyda Gutiérrez Flores y Emerico Gutiérrez Flores, bajo el expediente judicial número 294/2023, mismo que se admitió el 14 catorce de mayo de 2024 dos mil veinticuatro, ordenándose la publicación de un edicto por una sola vez en el periódico El Porvenir que se edita en la ciudad de Monterrey, Nuevo León, mediante el cual se convoque a todas aquellas personas que se consideren con derecho a la masa hereditaria, a fin de que acudan a deducirlo al local de este juzgado, dentro del término de 10 diez días contados a partir del siguiente al de la publicación del edicto que se ordena, lo anterior con fundamento en lo dispuesto por el artículo 879 bis fracción VI del Código de Procedimientos Civiles vigente en el Estado. Doy Fe. Galeana, Nuevo León, a 6 de junio de 2024.

LA SECRETARIA DEL JUZGADO MIXTO
DE LO CIVIL Y FAMILIAR DE PRIMERA
INSTANCIA DEL DÉCIMO PRIMER DISTRITO
JUDICIAL EN EL ESTADO
LIC. ROSA MARGARITA HERNÁNDEZ
HERNÁNDEZ
(17)
EDICTO

En fecha diez de mayo de dos mil veinticuatro, dentro del expediente número 578/2024 relativo al juicio sucesorio de intestado especial a bienes de Lino Villanueva García, se ordenó la publicación de un edicto por una sola vez, en el periódico "El Porvenir" que se edita en el Estado, mediante el cual se convoque a todas aquellas personas que se consideren con derecho a la masa hereditaria, para que acudan a deducirlo al local de este Juzgado, dentro del término de diez días, contados a partir del siguiente al de la publicación del edicto. Doy fe. San Pedro Garza García, Nuevo León a 05 de junio de 2024.

LA CIUDADANA SECRETARIO DEL
JUZGADO PRIMERO DE LO FAMILIAR
DEL TERCER DISTRITO JUDICIAL
EN EL ESTADO
LICENCIADA AIDA MARYSOL
VALDÉS ULLOA
(17)
EDICTO

En fecha 30 treinta de mayo del 2024 dos mil veinticuatro, se admitió a trámite el expediente judicial número 506/2024, relativo al juicio sucesorio de intestado especial a bienes de Gabriel Martínez Duarte, en el cual se ordenó la publicación de un edicto por una sola vez en el Boletín Judicial del Estado y en el Periódico El Porvenir que se edita en la Ciudad de Monterrey, Nuevo León, convocándose a los que se crean con derecho a la herencia, para que ocurran a deducirlo al local de este juzgado dentro del término de 10 diez días contados a partir de la publicación del edicto ordenado. DOY FE. San Pedro Garza García, Nuevo León, a 10 de junio de 2024.

LICENCIADA KARLA NALLELY CARRIAGA
MÉNDEZ.
C. SECRETARIO DEL JUZGADO PRIMERO
DE LO FAMILIAR DEL CUARTO DISTRITO
JUDICIAL EN EL ESTADO
(17)
EDICTO

En fecha tres de junio de dos mil veinticuatro, dentro del expediente número 630/2024, relativo al juicio sucesorio de intestado a bienes de Juana Urrutia Lozano o Juana Urrutia, se ordenó la publicación de un edicto por una sola vez, tanto en el Boletín Judicial del Estado, como en el periódico "El Porvenir" que se edita en esta Entidad, mediante el cual se convoque a todas aquellas personas que se consideren con derecho a la masa hereditaria, para que acudan a deducirlo al local de este juzgado, dentro del término de diez días, contados a partir del de la publicación del edicto ordenado. San Nicolás de los Garza, Nuevo León a 12 de junio de 2024.

EL CIUDADANO SECRETARIO DEL
JUZGADO PRIMERO DE LO FAMILIAR
DEL TERCER DISTRITO JUDICIAL
LICENCIADO BENITO ARTURO CABRIELES
ELIZONDO.
(17)
EDICTO

El día (6) seis de junio del año 2024 dos mil veinticuatro, se presentó en esta Notaría Pública 152 con ejercicio en el Primer Distrito Registral del Estado, el ciudadano, MARCO ANTONIO JAVIER GONZÁLEZ OBREGÓN, en su carácter de Albacea y heredero, manifestó su deseo de que fuera el PROCEDIMIENTO SUCESORIO TESTAMENTARIO EXTRAJUDICIAL a bienes de la señora MARÍA ANDREA GONZÁLEZ GARCÍA, de conformidad con lo que establece el artículo 882 del Código de Procedimientos Civiles vigente en el Estado de Nuevo León. El cual fue aperturado en esta Notaría Pública, con fecha bajo el acta fuera de protocolo 152/1565/0012024 de esta Notaría, ordenándose la publicación de dos edictos, de 10 diez en 10 diez días, en el periódico "El Porvenir" que se edita en esta ciudad, por medio del cual se convoca a las personas que se consideren con derecho a la herencia de la señora, MARÍA ANDREA GONZÁLEZ GARCÍA, a fin de que acudan a deducirlo a la notaría en mención, de acuerdo con lo establecido en los artículos 879, fracción VI, del Código de Procedimientos Civiles del Estado de Nuevo León. Asimismo, me exhibe la partida de defunción de la autora de la sucesión, y acta de matrimonio del compareciente, manifestando que acepta la herencia y se reconoce en su carácter, como Albacea, y que procederá a formular el inventario y avalúo correspondientes. DOY FE. San Pedro Garza García, Nuevo León a 12 de junio de 2024.

LIC. GUSTAVO ADOLFO GUERRERO
GUTIÉRREZ
NOTARIO PÚBLICO NÚMERO 152
(17 y 27)
EDICTO

En fecha 4 cuatro de junio del 2024 dos mil veinticuatro, dentro de los autos que integran el expediente 594/2024, relativo al juicio sucesorio de intestado a bienes de Ana Lilia López Villa; se ordenó la publicación de un edicto por una sola vez en el periódico El Porvenir, así como en el Boletín Judicial del Estado, que se edita en esta Ciudad, por medio del cual se convoque a los que se crean con derecho a la herencia, a fin de que comparezcan a deducirlo al local de este Juzgado dentro del término de 30-treinta días contados a partir del día siguiente al de la publicación del edicto ordenado. Monterrey, Nuevo León a 11 once de junio de 2024 dos mil veinticuatro.

ELDA PATRICIA FUENTES CANTÚ
C. SECRETARIO ADSCRITO AL JUZGADO
CUARTO DE LO FAMILIAR
(17)
AVISO NOTARIAL

En fecha 04 de Junio del año 2024 en acta fuera de protocolo número: 039/48,650/2024 se ha denunciado en esta Notaría la SUCESIÓN TESTAMENTARIA EXTRAJUDICIAL a bienes del SEÑOR PEDRO VALENZUELA OROZCO, se convoca a toda persona que se considere con derecho a la herencia, para que comparezca a deducirlo dentro del término de (30) treinta días contados a partir de la última publicación de dos edictos que se publicarán de 10 en 10 días en el periódico EL PORVENIR que se edita en la Ciudad de Monterrey, Nuevo León. Se publica este aviso en cumplimiento a lo preceptuado por el artículo 882 del Código de Procedimientos Civiles vigente en el Estado. Monterrey, Nuevo León a 04 de Junio del año 2024.

LIC. MARÍA DE LOURDES GARZA
VILLARREAL
NOTARIO PÚBLICO NÚMERO 39
TITULAR
(17 y 27)
AVISO NOTARIAL

Ante mí fe, Licenciado ADRIÁN CANTÚ GARZA, Notario Público Titular de la Notaría Pública número 124, se dio inicio a la SUCESIÓN LEGÍTIMA A BIENES de la señora ALBA ALICIA REYES SAUCEDA, la señora JUANA LETICIA ESPARZA SAUCEDA, la señora MARÍA GUADALUPE ESPARZA SAUCEDA, el señor JUAN CARLOS ESPARZA SAUCEDA, NORMA ALICIA ESPARZA SAUCEDA y JUAN MANUEL ESPARZA SAUCEDA, en su calidad de únicos y universales herederos y el último de ellos también como Albacea, manifestando que acepta la herencia y ejerce el cargo de albacea y procederá a formular el inventario de los bienes de la herencia, lo que se publica en esta forma y en dos ocasiones consecutivas, con un intervalo de 10 diez días entre cada publicación. Monterrey, Nuevo León 7 de junio de 2024.

LIC. ADRIÁN CANTÚ GARZA
NOTARIO PÚBLICO NÚMERO 124
"DOS VECES DE 10 EN 10 DÍAS"
(17 y 27)
